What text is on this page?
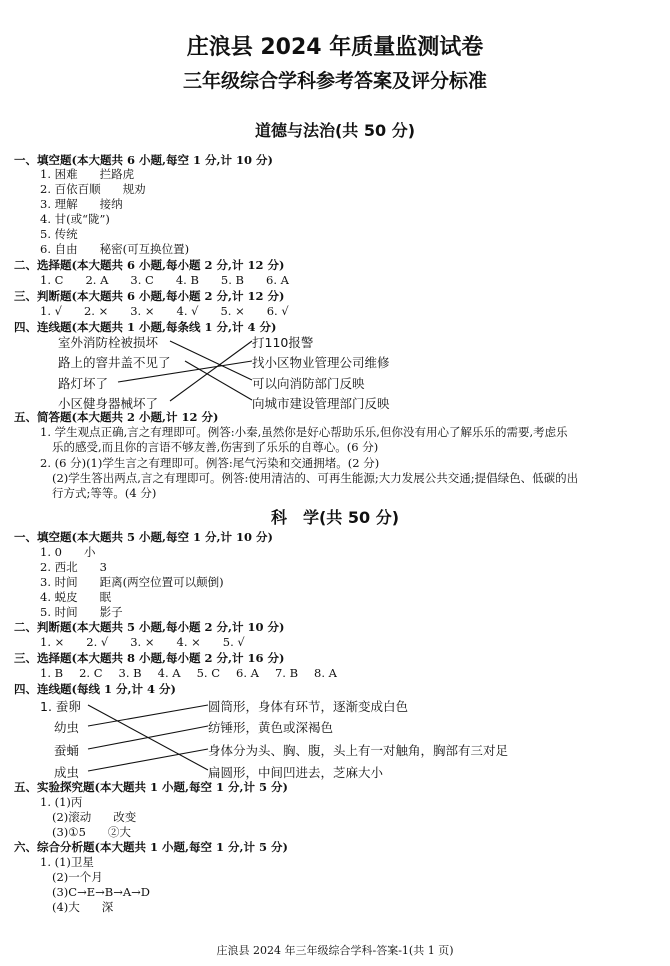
庄浪县 2024 年质量监测试卷
三年级综合学科参考答案及评分标准
道德与法治(共 50 分)
一、填空题(本大题共 6 小题,每空 1 分,计 10 分)
1. 困难 拦路虎
2. 百依百顺 规劝
3. 理解 接纳
4. 甘(或“陇”)
5. 传统
6. 自由 秘密(可互换位置)
二、选择题(本大题共 6 小题,每小题 2 分,计 12 分)
1. C 2. A 3. C 4. B 5. B 6. A
三、判断题(本大题共 6 小题,每小题 2 分,计 12 分)
1. √ 2. × 3. × 4. √ 5. × 6. √
四、连线题(本大题共 1 小题,每条线 1 分,计 4 分)
室外消防栓被损坏
路上的窨井盖不见了
路灯坏了
小区健身器械坏了
打110报警
找小区物业管理公司维修
可以向消防部门反映
向城市建设管理部门反映
五、简答题(本大题共 2 小题,计 12 分)
1. 学生观点正确,言之有理即可。例答:小秦,虽然你是好心帮助乐乐,但你没有用心了解乐乐的需要,考虑乐
乐的感受,而且你的言语不够友善,伤害到了乐乐的自尊心。(6 分)
2. (6 分)(1)学生言之有理即可。例答:尾气污染和交通拥堵。(2 分)
(2)学生答出两点,言之有理即可。例答:使用清洁的、可再生能源;大力发展公共交通;提倡绿色、低碳的出
行方式;等等。(4 分)
科　学(共 50 分)
一、填空题(本大题共 5 小题,每空 1 分,计 10 分)
1. 0 小
2. 西北 3
3. 时间 距离(两空位置可以颠倒)
4. 蜕皮 眠
5. 时间 影子
二、判断题(本大题共 5 小题,每小题 2 分,计 10 分)
1. × 2. √ 3. × 4. × 5. √
三、选择题(本大题共 8 小题,每小题 2 分,计 16 分)
1. B 2. C 3. B 4. A 5. C 6. A 7. B 8. A
四、连线题(每线 1 分,计 4 分)
1. 蚕卵
幼虫
蚕蛹
成虫
圆筒形，身体有环节，逐渐变成白色
纺锤形，黄色或深褐色
身体分为头、胸、腹，头上有一对触角，胸部有三对足
扁圆形，中间凹进去，芝麻大小
五、实验探究题(本大题共 1 小题,每空 1 分,计 5 分)
1. (1)丙
(2)滚动 改变
(3)①5 ②大
六、综合分析题(本大题共 1 小题,每空 1 分,计 5 分)
1. (1)卫星
(2)一个月
(3)C→E→B→A→D
(4)大 深
庄浪县 2024 年三年级综合学科-答案-1(共 1 页)
